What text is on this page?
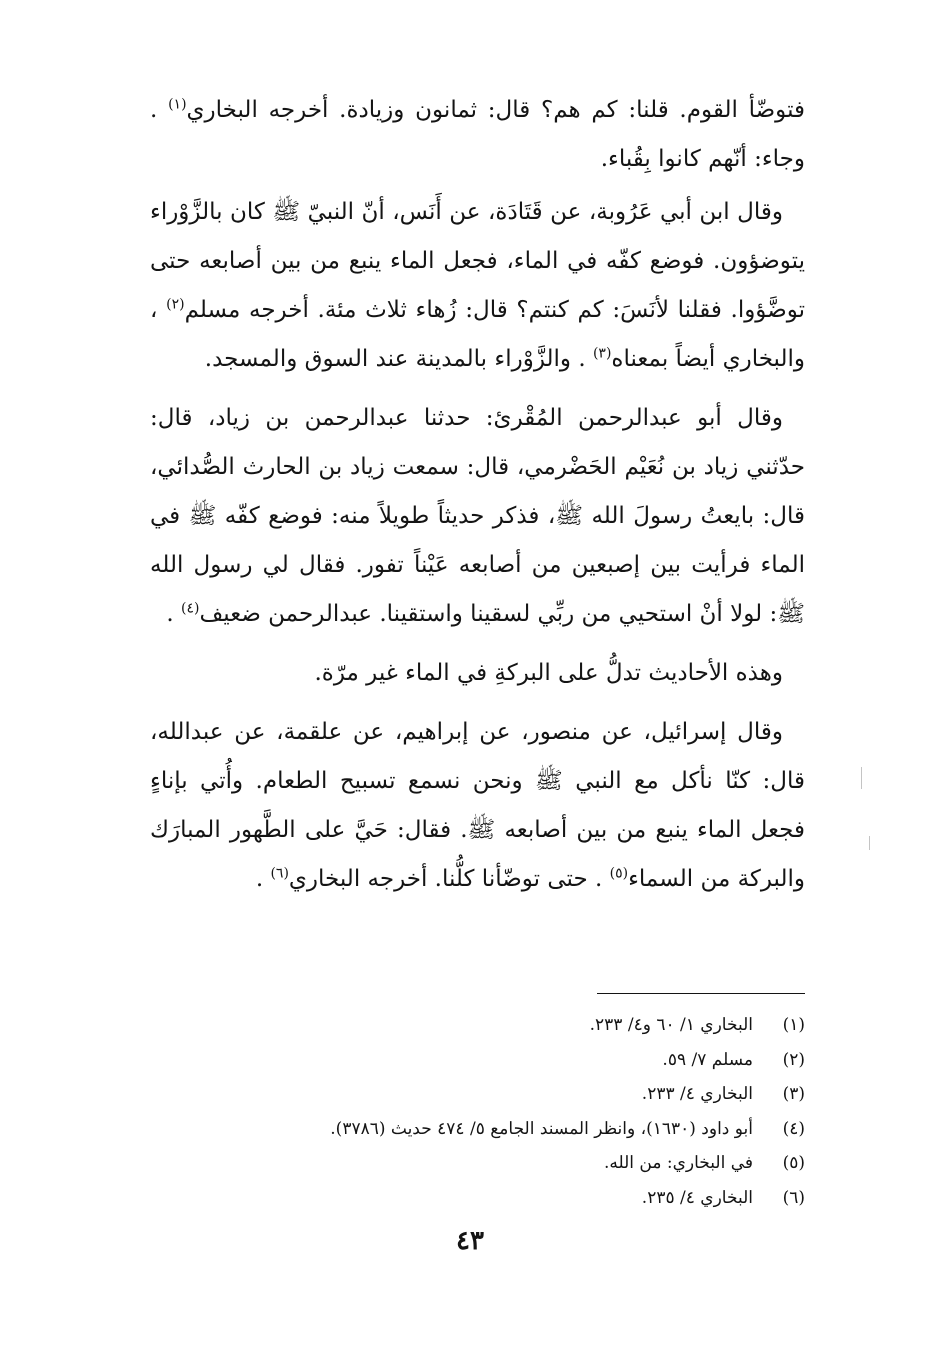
فتوضّأ القوم. قلنا: كم هم؟ قال: ثمانون وزيادة. أخرجه البخاري$^{(١)}$ . وجاء: أنّهم كانوا بِقُباء.

وقال ابن أبي عَرُوبة، عن قَتَادَة، عن أَنَس، أنّ النبيّ ﷺ كان بالزَّوْراء يتوضؤون. فوضع كفّه في الماء، فجعل الماء ينبع من بين أصابعه حتى توضَّؤوا. فقلنا لأنَسَ: كم كنتم؟ قال: زُهاء ثلاث مئة. أخرجه مسلم$^{(٢)}$ ، والبخاري أيضاً بمعناه$^{(٣)}$ . والزَّوْراء بالمدينة عند السوق والمسجد.

وقال أبو عبدالرحمن المُقْرئ: حدثنا عبدالرحمن بن زياد، قال: حدّثني زياد بن نُعَيْم الحَضْرمي، قال: سمعت زياد بن الحارث الصُّدائي، قال: بايعتُ رسولَ الله ﷺ، فذكر حديثاً طويلاً منه: فوضع كفّه ﷺ في الماء فرأيت بين إصبعين من أصابعه عَيْناً تفور. فقال لي رسول الله ﷺ: لولا أنْ استحيي من ربِّي لسقينا واستقينا. عبدالرحمن ضعيف$^{(٤)}$ .

وهذه الأحاديث تدلُّ على البركةِ في الماء غير مرّة.

وقال إسرائيل، عن منصور، عن إبراهيم، عن علقمة، عن عبدالله، قال: كنّا نأكل مع النبي ﷺ ونحن نسمع تسبيح الطعام. وأُتي بإناءٍ فجعل الماء ينبع من بين أصابعه ﷺ. فقال: حَيَّ على الطَّهور المبارَك والبركة من السماء$^{(٥)}$ . حتى توضّأنا كلُّنا. أخرجه البخاري$^{(٦)}$ .

(١)
البخاري ١/ ٦٠ و٤/ ٢٣٣.
(٢)
مسلم ٧/ ٥٩.
(٣)
البخاري ٤/ ٢٣٣.
(٤)
أبو داود (١٦٣٠)، وانظر المسند الجامع ٥/ ٤٧٤ حديث (٣٧٨٦).
(٥)
في البخاري: من الله.
(٦)
البخاري ٤/ ٢٣٥.
٤٣
